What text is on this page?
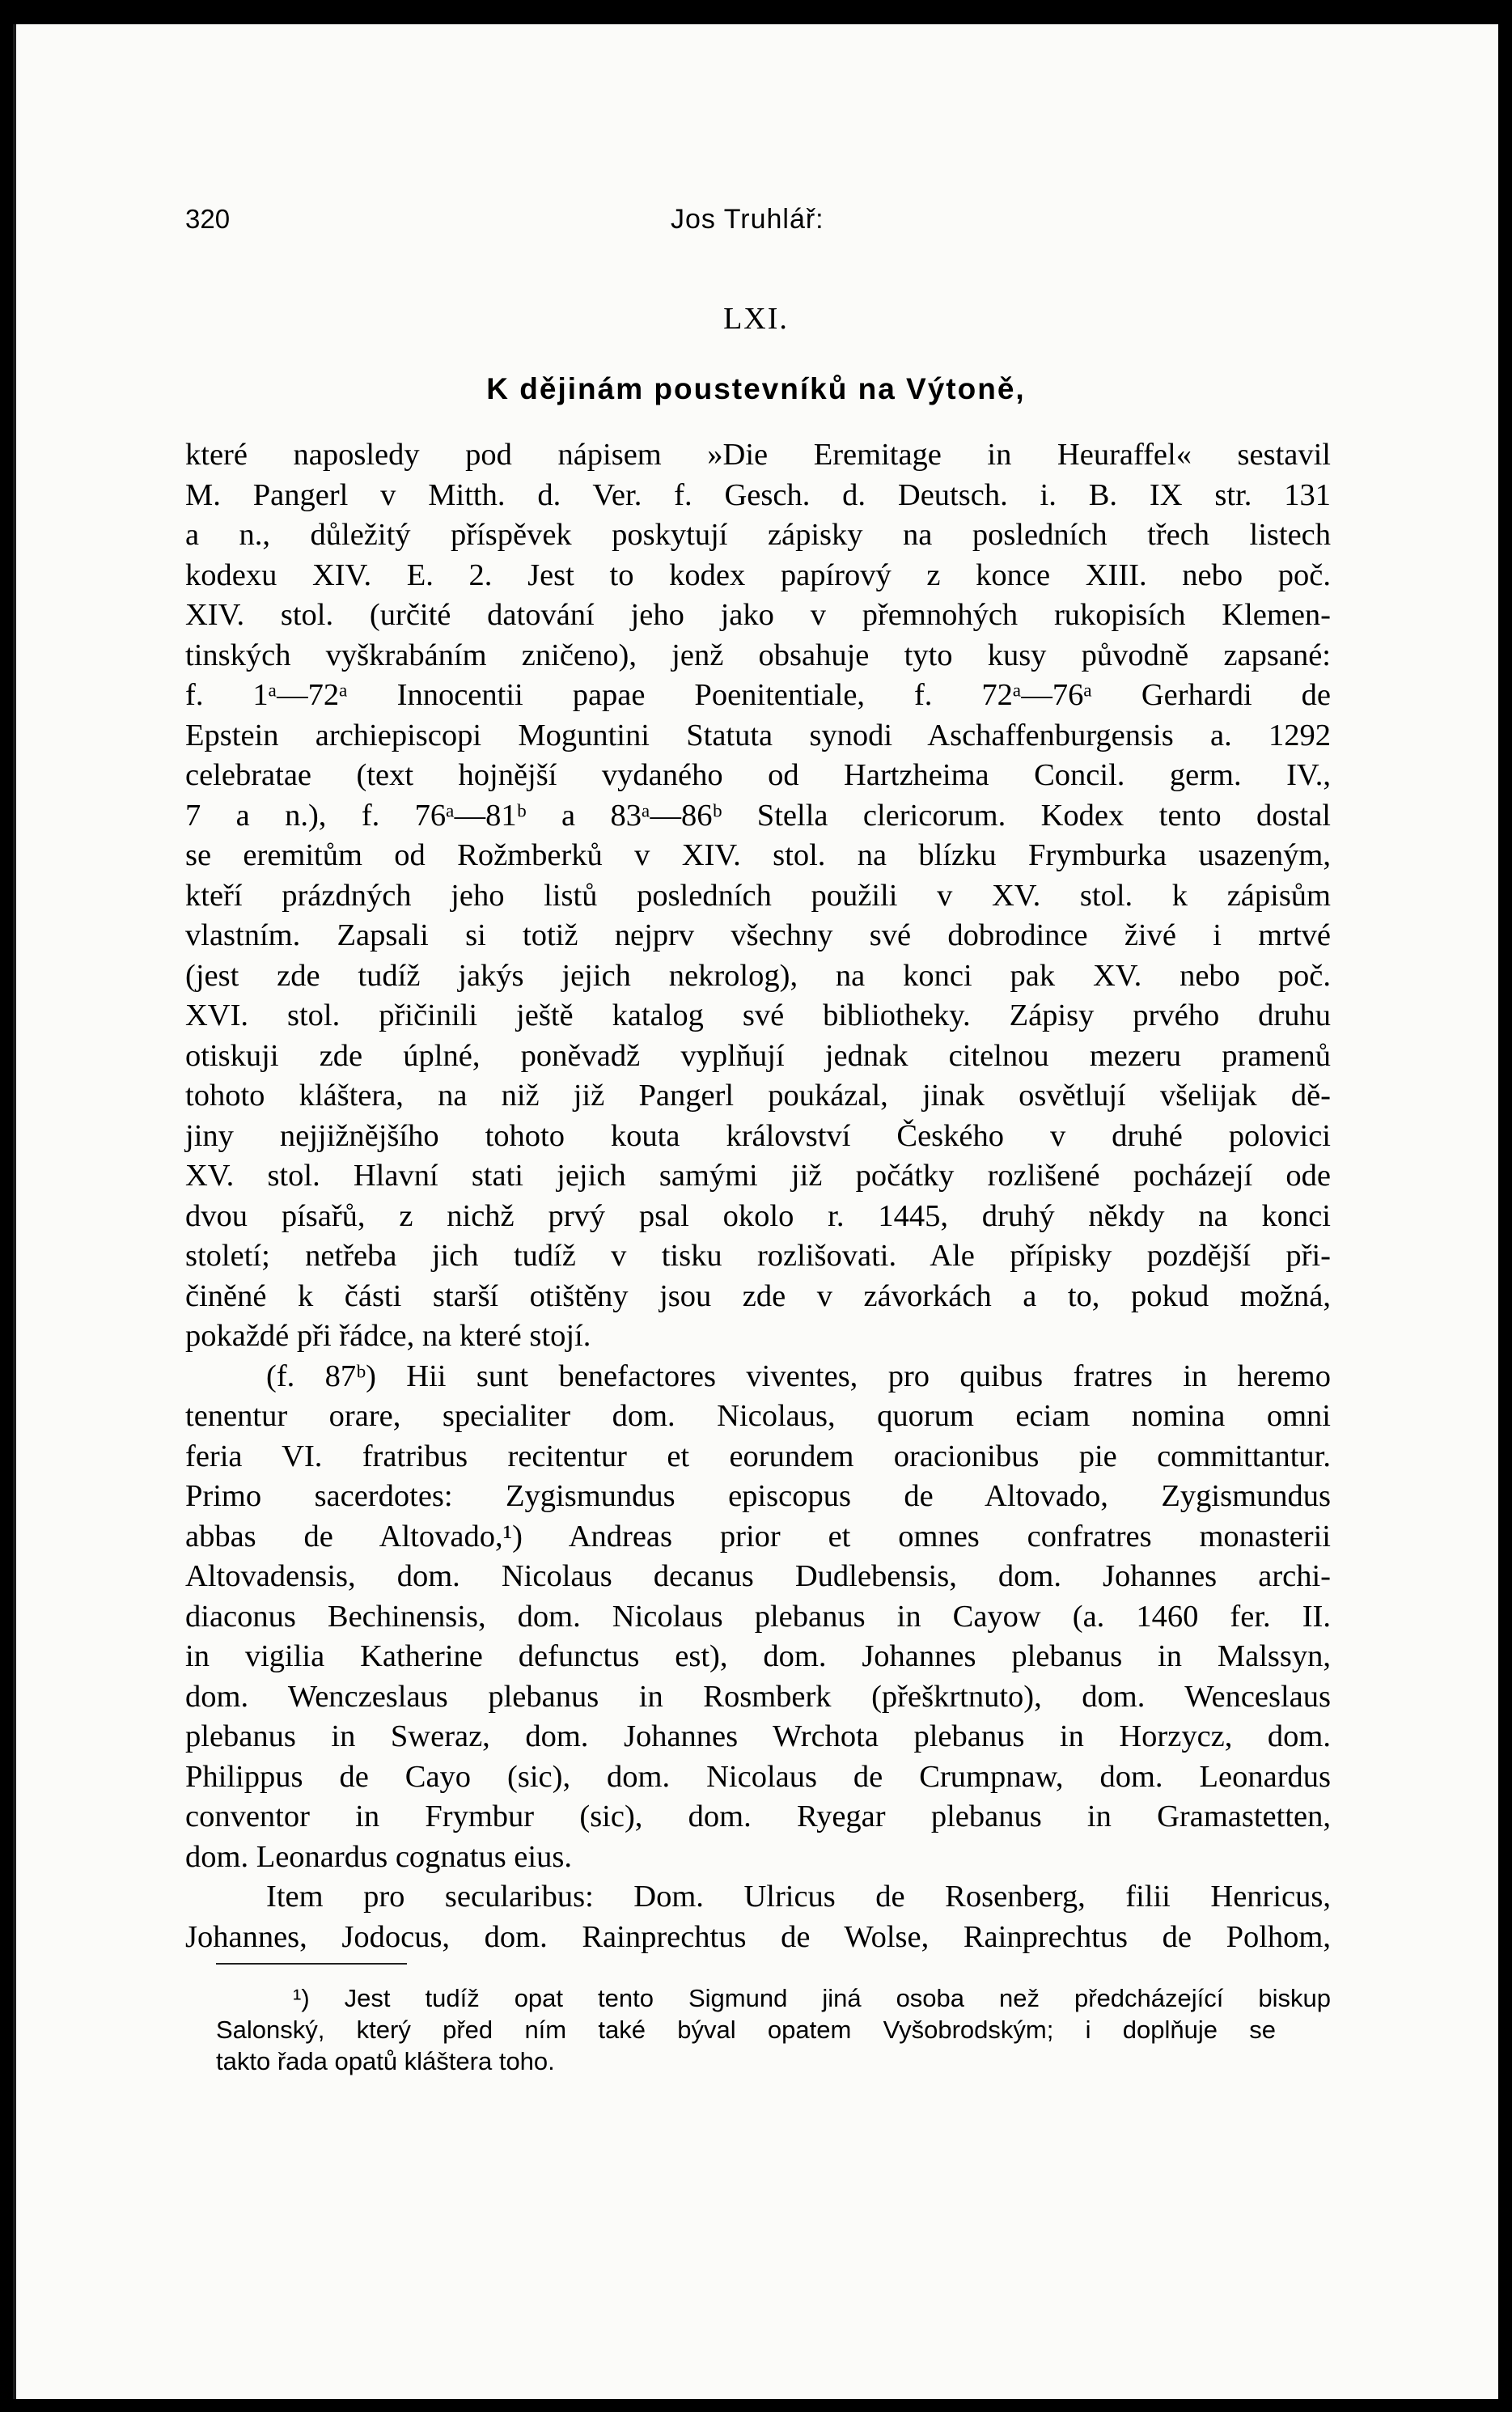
320	Jos Truhlář:
LXI.
K dějinám poustevníků na Výtoně,
které naposledy pod nápisem »Die Eremitage in Heuraffel« sestavil
M. Pangerl v Mitth. d. Ver. f. Gesch. d. Deutsch. i. B. IX str. 131
a n., důležitý příspěvek poskytují zápisky na posledních třech listech
kodexu XIV. E. 2. Jest to kodex papírový z konce XIII. nebo poč.
XIV. stol. (určité datování jeho jako v přemnohých rukopisích Klemen-
tinských vyškrabáním zničeno), jenž obsahuje tyto kusy původně zapsané:
f. 1ᵃ—72ᵃ Innocentii papae Poenitentiale, f. 72ᵃ—76ᵃ Gerhardi de
Epstein archiepiscopi Moguntini Statuta synodi Aschaffenburgensis a. 1292
celebratae (text hojnější vydaného od Hartzheima Concil. germ. IV.,
7 a n.), f. 76ᵃ—81ᵇ a 83ᵃ—86ᵇ Stella clericorum. Kodex tento dostal
se eremitům od Rožmberků v XIV. stol. na blízku Frymburka usazeným,
kteří prázdných jeho listů posledních použili v XV. stol. k zápisům
vlastním. Zapsali si totiž nejprv všechny své dobrodince živé i mrtvé
(jest zde tudíž jakýs jejich nekrolog), na konci pak XV. nebo poč.
XVI. stol. přičinili ještě katalog své bibliotheky. Zápisy prvého druhu
otiskuji zde úplné, poněvadž vyplňují jednak citelnou mezeru pramenů
tohoto kláštera, na niž již Pangerl poukázal, jinak osvětlují všelijak dě-
jiny nejjižnějšího tohoto kouta království Českého v druhé polovici
XV. stol. Hlavní stati jejich samými již počátky rozlišené pocházejí ode
dvou písařů, z nichž prvý psal okolo r. 1445, druhý někdy na konci
století; netřeba jich tudíž v tisku rozlišovati. Ale přípisky pozdější při-
činěné k části starší otištěny jsou zde v závorkách a to, pokud možná,
pokaždé při řádce, na které stojí.
(f. 87ᵇ) Hii sunt benefactores viventes, pro quibus fratres in heremo
tenentur orare, specialiter dom. Nicolaus, quorum eciam nomina omni
feria VI. fratribus recitentur et eorundem oracionibus pie committantur.
Primo sacerdotes: Zygismundus episcopus de Altovado, Zygismundus
abbas de Altovado,¹) Andreas prior et omnes confratres monasterii
Altovadensis, dom. Nicolaus decanus Dudlebensis, dom. Johannes archi-
diaconus Bechinensis, dom. Nicolaus plebanus in Cayow (a. 1460 fer. II.
in vigilia Katherine defunctus est), dom. Johannes plebanus in Malssyn,
dom. Wenczeslaus plebanus in Rosmberk (přeškrtnuto), dom. Wenceslaus
plebanus in Sweraz, dom. Johannes Wrchota plebanus in Horzycz, dom.
Philippus de Cayo (sic), dom. Nicolaus de Crumpnaw, dom. Leonardus
conventor in Frymbur (sic), dom. Ryegar plebanus in Gramastetten,
dom. Leonardus cognatus eius.
Item pro secularibus: Dom. Ulricus de Rosenberg, filii Henricus,
Johannes, Jodocus, dom. Rainprechtus de Wolse, Rainprechtus de Polhom,
¹) Jest tudíž opat tento Sigmund jiná osoba než předcházející biskup
Salonský, který před ním také býval opatem Vyšobrodským; i doplňuje se
takto řada opatů kláštera toho.
